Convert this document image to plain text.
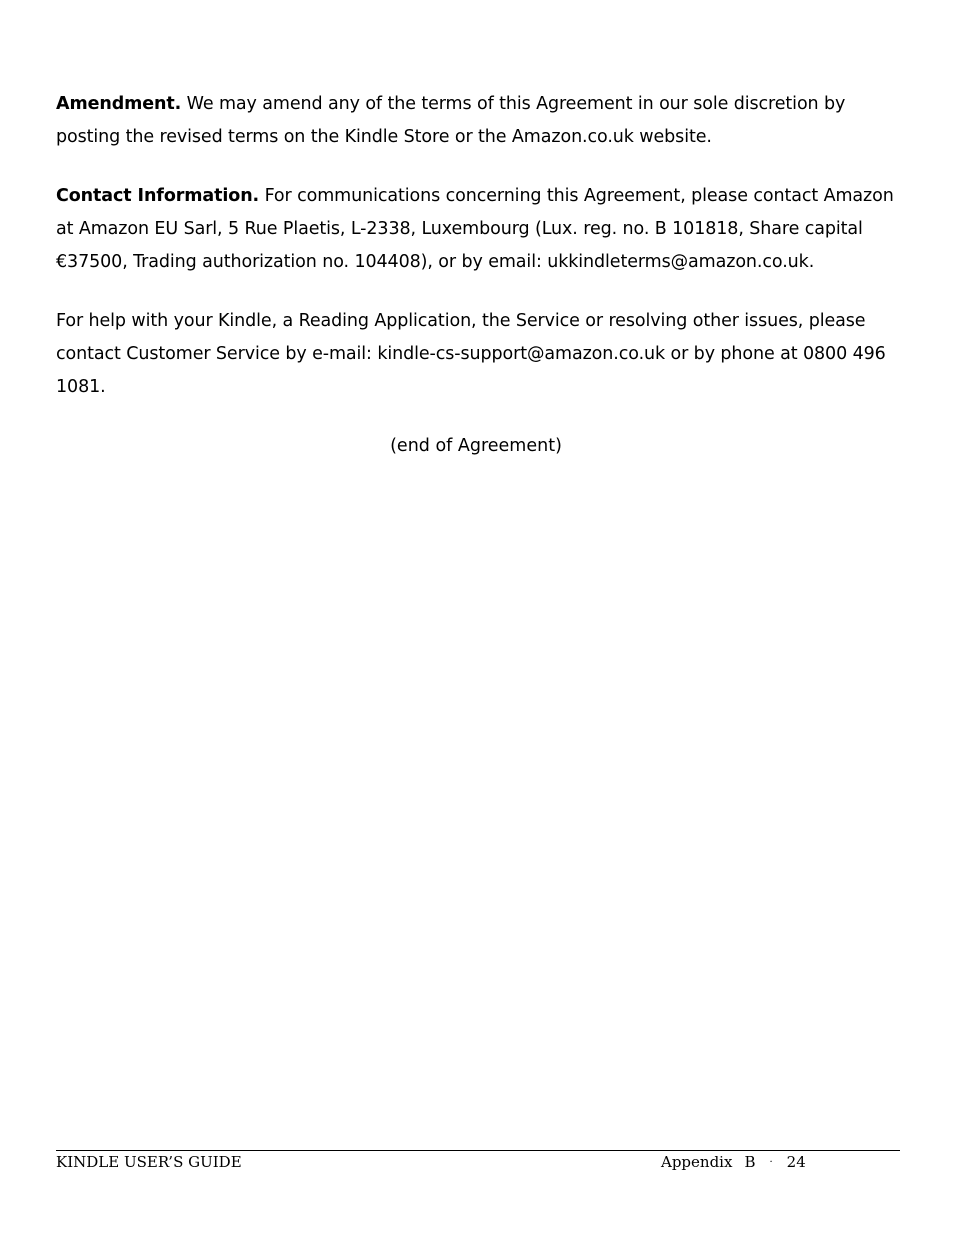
Amendment. We may amend any of the terms of this Agreement in our sole discretion by posting the revised terms on the Kindle Store or the Amazon.co.uk website.

Contact Information. For communications concerning this Agreement, please contact Amazon at Amazon EU Sarl, 5 Rue Plaetis, L-2338, Luxembourg (Lux. reg. no. B 101818, Share capital €37500, Trading authorization no. 104408), or by email: ukkindleterms@amazon.co.uk.

For help with your Kindle, a Reading Application, the Service or resolving other issues, please contact Customer Service by e-mail: kindle-cs-support@amazon.co.uk or by phone at 0800 496 1081.

(end of Agreement)

KINDLE USER’S GUIDE	Appendix B · 24
